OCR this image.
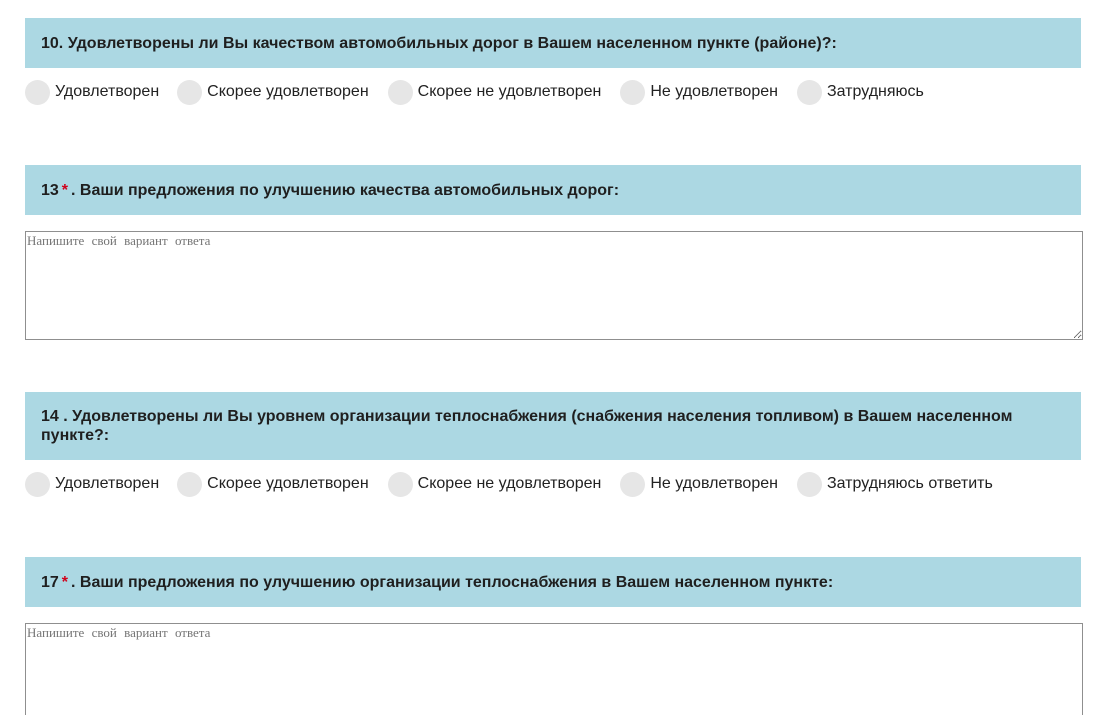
10 . Удовлетворены ли Вы качеством автомобильных дорог в Вашем населенном пункте (районе)?:
Удовлетворен	Скорее удовлетворен	Скорее не удовлетворен	Не удовлетворен	Затрудняюсь
13 * . Ваши предложения по улучшению качества автомобильных дорог:
Напишите свой вариант ответа
14 . Удовлетворены ли Вы уровнем организации теплоснабжения (снабжения населения топливом) в Вашем населенном пункте?:
Удовлетворен	Скорее удовлетворен	Скорее не удовлетворен	Не удовлетворен	Затрудняюсь ответить
17 * . Ваши предложения по улучшению организации теплоснабжения в Вашем населенном пункте:
Напишите свой вариант ответа
